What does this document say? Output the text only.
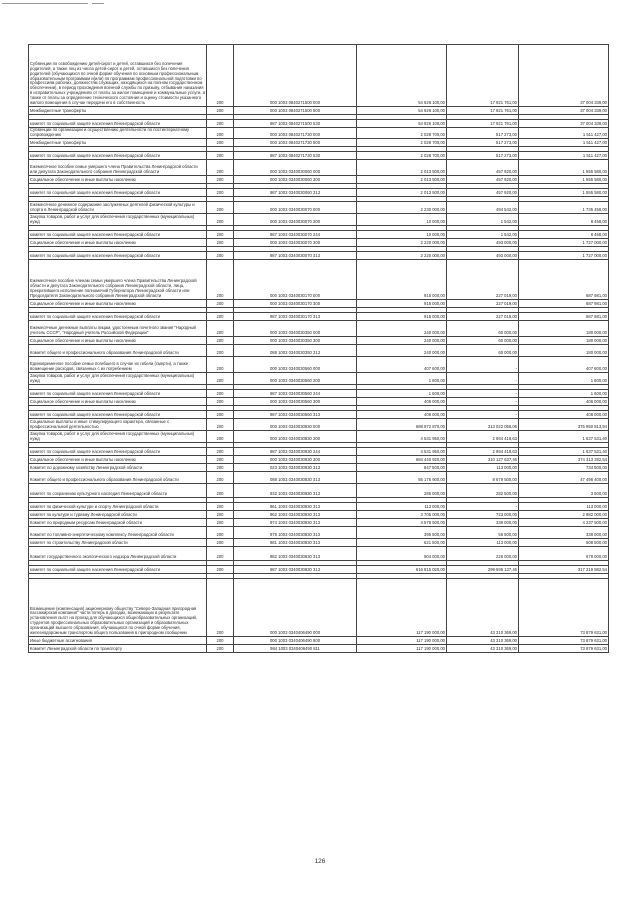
Субвенции по освобождению детей-сирот и детей, оставшихся без попечения родителей, а также лиц из числа детей-сирот и детей, оставшихся без попечения родителей (обучающихся по очной форме обучения по основным профессиональным образовательным программам и(или) по программам профессиональной подготовки по профессиям рабочих, должностям служащих, находящихся на полном государственном обеспечении), в период прохождения военной службы по призыву, отбывания наказания в исправительных учреждениях от платы за жилое помещение и коммунальные услуги, а также от платы за определение технического состояния и оценку стоимости указанного жилого помещения в случае передачи его в собственность	200	000 1003 0840271500 000	54 926 100,00	17 921 761,00	37 004 339,00
Межбюджетные трансферты	200	000 1003 0840271500 500	54 926 100,00	17 921 761,00	37 004 339,00

комитет по социальной защите населения Ленинградской области	200	987 1003 0840271500 530	54 926 100,00	17 921 761,00	37 004 339,00
Субвенции по организации и осуществлению деятельности по постинтернатному сопровождению	200	000 1003 0840271730 000	2 028 700,00	517 273,00	1 511 427,00
Межбюджетные трансферты	200	000 1003 0840271730 500	2 028 700,00	517 273,00	1 511 427,00

комитет по социальной защите населения Ленинградской области	200	987 1003 0840271730 530	2 028 700,00	517 273,00	1 511 427,00
Ежемесячное пособие семье умершего члена Правительства Ленинградской области или депутата Законодательного собрания Ленинградской области	200	000 1003 0340030060 000	2 013 500,00	457 920,00	1 555 580,00
Социальное обеспечение и иные выплаты населению	200	000 1003 0340030060 300	2 013 500,00	457 920,00	1 555 580,00

комитет по социальной защите населения Ленинградской области	200	987 1003 0340030060 313	2 013 500,00	457 920,00	1 555 580,00

Ежемесячное денежное содержание заслуженных деятелей физической культуры и спорта в Ленинградской области	200	000 1003 0340030070 000	2 230 000,00	494 542,00	1 735 458,00
Закупка товаров, работ и услуг для обеспечения государственных (муниципальных) нужд	200	000 1003 0340030070 200	10 000,00	1 542,00	8 458,00

комитет по социальной защите населения Ленинградской области	200	987 1003 0340030070 244	10 000,00	1 542,00	8 458,00
Социальное обеспечение и иные выплаты населению	200	000 1003 0340030070 300	2 220 000,00	493 000,00	1 727 000,00

комитет по социальной защите населения Ленинградской области	200	987 1003 0340030070 313	2 220 000,00	493 000,00	1 727 000,00
Ежемесячное пособие членам семьи умершего члена Правительства Ленинградской области и депутата Законодательного собрания Ленинградской области, лица, прекратившего исполнение полномочий Губернатора Ленинградской области или Председателя Законодательного собрания Ленинградской области	200	000 1003 0340030170 000	915 000,00	227 019,00	687 981,00
Социальное обеспечение и иные выплаты населению	200	000 1003 0340030170 300	915 000,00	227 019,00	687 981,00

комитет по социальной защите населения Ленинградской области	200	987 1003 0340030170 313	915 000,00	227 019,00	687 981,00
Ежемесячные денежные выплаты лицам, удостоенным почетного звания "Народный учитель СССР", "Народный учитель Российской Федерации"	200	000 1003 0340030350 000	240 000,00	60 000,00	180 000,00
Социальное обеспечение и иные выплаты населению	200	000 1003 0340030350 300	240 000,00	60 000,00	180 000,00
Комитет общего и профессионального образования Ленинградской области	200	088 1003 0340030350 313	240 000,00	60 000,00	180 000,00
Единовременное пособие семье погибшего в случае их гибели (смерти), а также возмещение расходов, связанных с их погребением	200	000 1003 0340030560 000	407 600,00	-	407 600,00
Закупка товаров, работ и услуг для обеспечения государственных (муниципальных) нужд	200	000 1003 0340030560 200	1 600,00	-	1 600,00

комитет по социальной защите населения Ленинградской области	200	987 1003 0340030560 244	1 600,00	-	1 600,00
Социальное обеспечение и иные выплаты населению	200	000 1003 0340030560 300	406 000,00	-	406 000,00

комитет по социальной защите населения Ленинградской области	200	987 1003 0340030560 313	406 000,00	-	406 000,00
Социальные выплаты и иные стимулирующего характера, связанные с профессиональной деятельностью	200	000 1003 0340030830 000	688 972 870,00	313 022 056,06	375 950 813,94
Закупка товаров, работ и услуг для обеспечения государственных (муниципальных) нужд	200	000 1003 0340030830 200	4 531 950,00	2 894 418,63	1 637 531,40

комитет по социальной защите населения Ленинградской области	200	987 1003 0340030830 244	4 531 950,00	2 894 418,63	1 637 531,40
Социальное обеспечение и иные выплаты населению	200	000 1003 0340030830 300	684 440 920,00	310 127 637,46	374 313 282,54
Комитет по дорожному хозяйству Ленинградской области	200	023 1003 0340030830 313	847 500,00	113 000,00	734 500,00
Комитет общего и профессионального образования Ленинградской области	200	088 1003 0340030830 313	56 176 900,00	8 679 500,00	47 496 400,00
комитет по сохранению культурного наследия Ленинградской области	200	932 1003 0340030830 313	286 000,00	282 500,00	3 500,00

комитет по физической культуре и спорту Ленинградской области	200	961 1003 0340030830 313	113 000,00	-	113 000,00
комитет по культуре и туризму Ленинградской области	200	962 1003 0340030830 313	3 705 000,00	723 000,00	2 982 000,00
Комитет по природным ресурсам Ленинградской области	200	974 1003 0340030830 313	4 578 500,00	339 000,00	4 237 500,00
Комитет по топливно-энергетическому комплексу Ленинградской области	200	978 1003 0340030830 313	395 500,00	56 500,00	339 000,00
комитет по строительству Ленинградской области	200	981 1003 0340030830 313	621 500,00	113 000,00	508 500,00
Комитет государственного экологического надзора Ленинградской области	200	982 1003 0340030830 313	904 000,00	226 000,00	678 000,00

комитет по социальной защите населения Ленинградской области	200	987 1003 0340030830 313	616 815 020,00	299 595 137,46	317 219 882,54

Возмещение (компенсация) акционерному обществу "Северо-Западная пригородная пассажирская компания" части потерь в доходах, возникающих в результате установления льгот на проезд для обучающихся общеобразовательных организаций, студентов профессиональных образовательных организаций и образовательных организаций высшего образования, обучающихся по очной форме обучения, железнодорожным транспортом общего пользования в пригородном сообщении	200	000 1003 0340406490 000	117 190 000,00	43 310 369,00	73 879 631,00
Иные бюджетные ассигнования	200	000 1003 0340406490 800	117 190 000,00	43 310 369,00	73 879 631,00
Комитет Ленинградской области по транспорту	200	984 1003 0340406490 811	117 190 000,00	43 310 369,00	73 879 631,00
126
